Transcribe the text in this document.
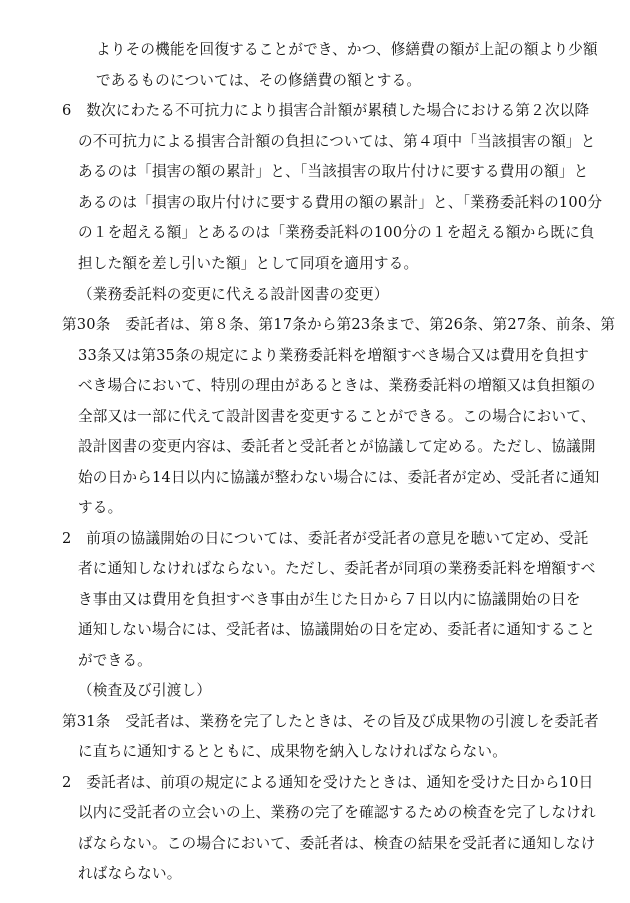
よりその機能を回復することができ、かつ、修繕費の額が上記の額より少額
であるものについては、その修繕費の額とする。
6　数次にわたる不可抗力により損害合計額が累積した場合における第２次以降
の不可抗力による損害合計額の負担については、第４項中「当該損害の額」と
あるのは「損害の額の累計」と、「当該損害の取片付けに要する費用の額」と
あるのは「損害の取片付けに要する費用の額の累計」と、「業務委託料の100分
の１を超える額」とあるのは「業務委託料の100分の１を超える額から既に負
担した額を差し引いた額」として同項を適用する。
（業務委託料の変更に代える設計図書の変更）
第30条　委託者は、第８条、第17条から第23条まで、第26条、第27条、前条、第
33条又は第35条の規定により業務委託料を増額すべき場合又は費用を負担す
べき場合において、特別の理由があるときは、業務委託料の増額又は負担額の
全部又は一部に代えて設計図書を変更することができる。この場合において、
設計図書の変更内容は、委託者と受託者とが協議して定める。ただし、協議開
始の日から14日以内に協議が整わない場合には、委託者が定め、受託者に通知
する。
2　前項の協議開始の日については、委託者が受託者の意見を聴いて定め、受託
者に通知しなければならない。ただし、委託者が同項の業務委託料を増額すべ
き事由又は費用を負担すべき事由が生じた日から７日以内に協議開始の日を
通知しない場合には、受託者は、協議開始の日を定め、委託者に通知すること
ができる。
（検査及び引渡し）
第31条　受託者は、業務を完了したときは、その旨及び成果物の引渡しを委託者
に直ちに通知するとともに、成果物を納入しなければならない。
2　委託者は、前項の規定による通知を受けたときは、通知を受けた日から10日
以内に受託者の立会いの上、業務の完了を確認するための検査を完了しなけれ
ばならない。この場合において、委託者は、検査の結果を受託者に通知しなけ
ればならない。
